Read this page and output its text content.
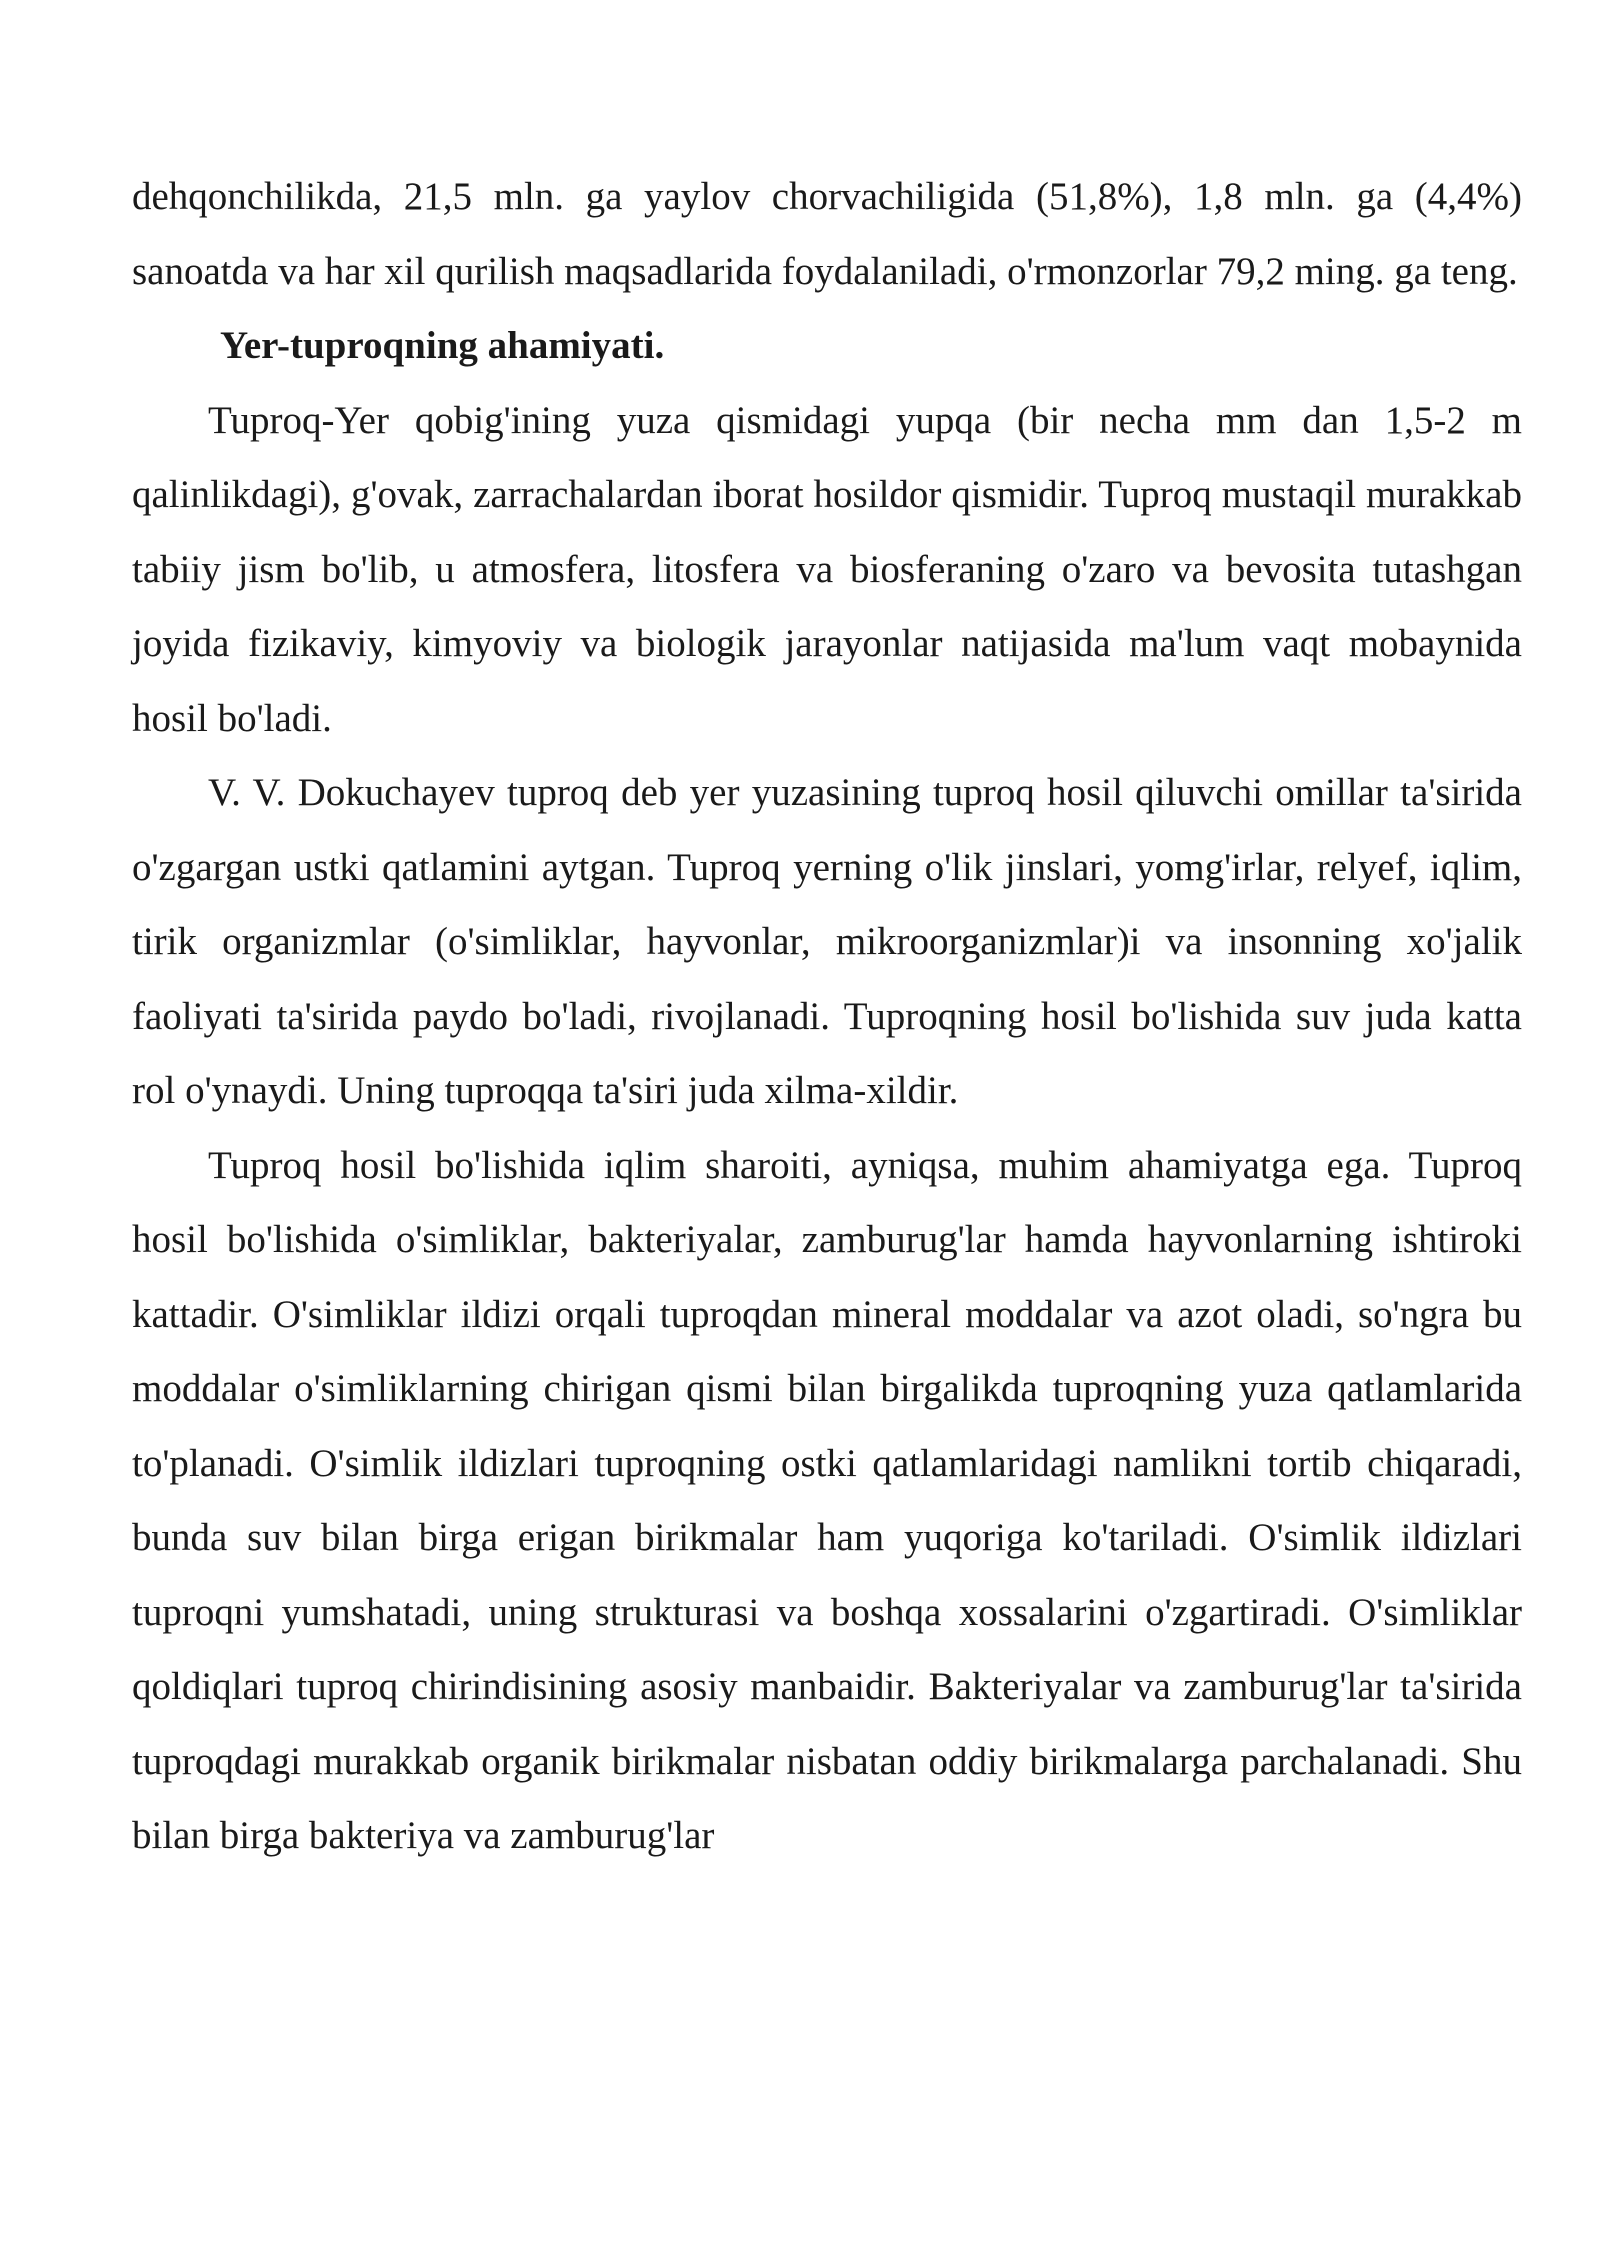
dehqonchilikda, 21,5 mln. ga yaylov chorvachiligida (51,8%), 1,8 mln. ga (4,4%) sanoatda va har xil qurilish maqsadlarida foydalaniladi, o'rmonzorlar 79,2 ming. ga teng.

Yer-tuproqning ahamiyati.

Tuproq-Yer qobig'ining yuza qismidagi yupqa (bir necha mm dan 1,5-2 m qalinlikdagi), g'ovak, zarrachalardan iborat hosildor qismidir. Tuproq mustaqil murakkab tabiiy jism bo'lib, u atmosfera, litosfera va biosferaning o'zaro va bevosita tutashgan joyida fizikaviy, kimyoviy va biologik jarayonlar natijasida ma'lum vaqt mobaynida hosil bo'ladi.

V. V. Dokuchayev tuproq deb yer yuzasining tuproq hosil qiluvchi omillar ta'sirida o'zgargan ustki qatlamini aytgan. Tuproq yerning o'lik jinslari, yomg'irlar, relyef, iqlim, tirik organizmlar (o'simliklar, hayvonlar, mikroorganizmlar)i va insonning xo'jalik faoliyati ta'sirida paydo bo'ladi, rivojlanadi. Tuproqning hosil bo'lishida suv juda katta rol o'ynaydi. Uning tuproqqa ta'siri juda xilma-xildir.

Tuproq hosil bo'lishida iqlim sharoiti, ayniqsa, muhim ahamiyatga ega. Tuproq hosil bo'lishida o'simliklar, bakteriyalar, zamburug'lar hamda hayvonlarning ishtiroki kattadir. O'simliklar ildizi orqali tuproqdan mineral moddalar va azot oladi, so'ngra bu moddalar o'simliklarning chirigan qismi bilan birgalikda tuproqning yuza qatlamlarida to'planadi. O'simlik ildizlari tuproqning ostki qatlamlaridagi namlikni tortib chiqaradi, bunda suv bilan birga erigan birikmalar ham yuqoriga ko'tariladi. O'simlik ildizlari tuproqni yumshatadi, uning strukturasi va boshqa xossalarini o'zgartiradi. O'simliklar qoldiqlari tuproq chirindisining asosiy manbaidir. Bakteriyalar va zamburug'lar ta'sirida tuproqdagi murakkab organik birikmalar nisbatan oddiy birikmalarga parchalanadi. Shu bilan birga bakteriya va zamburug'lar
